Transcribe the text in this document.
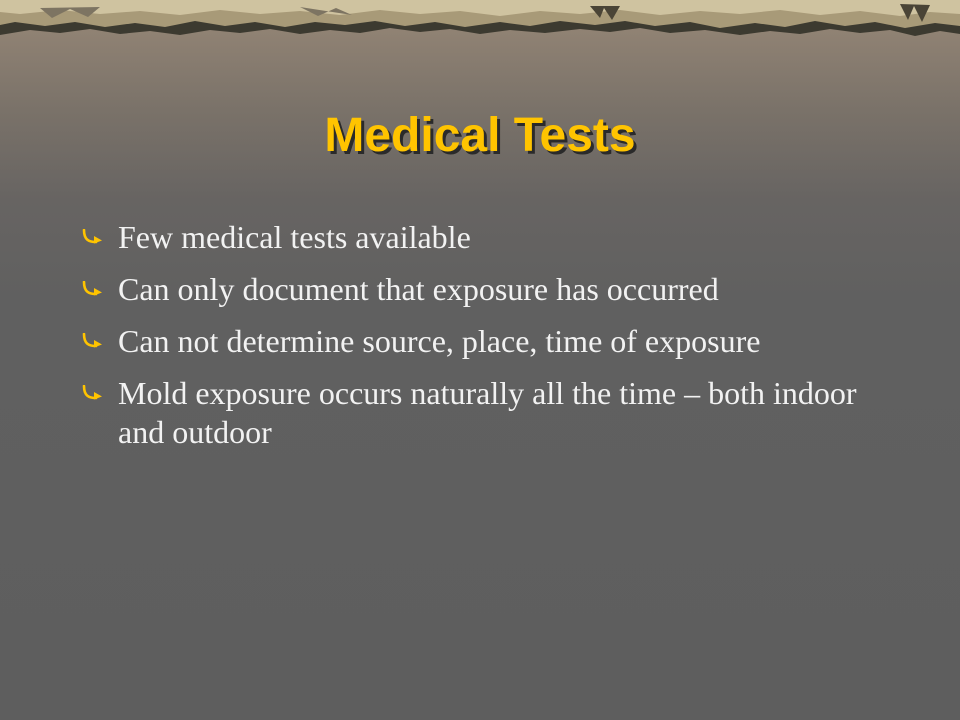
Medical Tests
Few medical tests available
Can only document that exposure has occurred
Can not determine source, place, time of exposure
Mold exposure occurs naturally all the time – both indoor and outdoor
